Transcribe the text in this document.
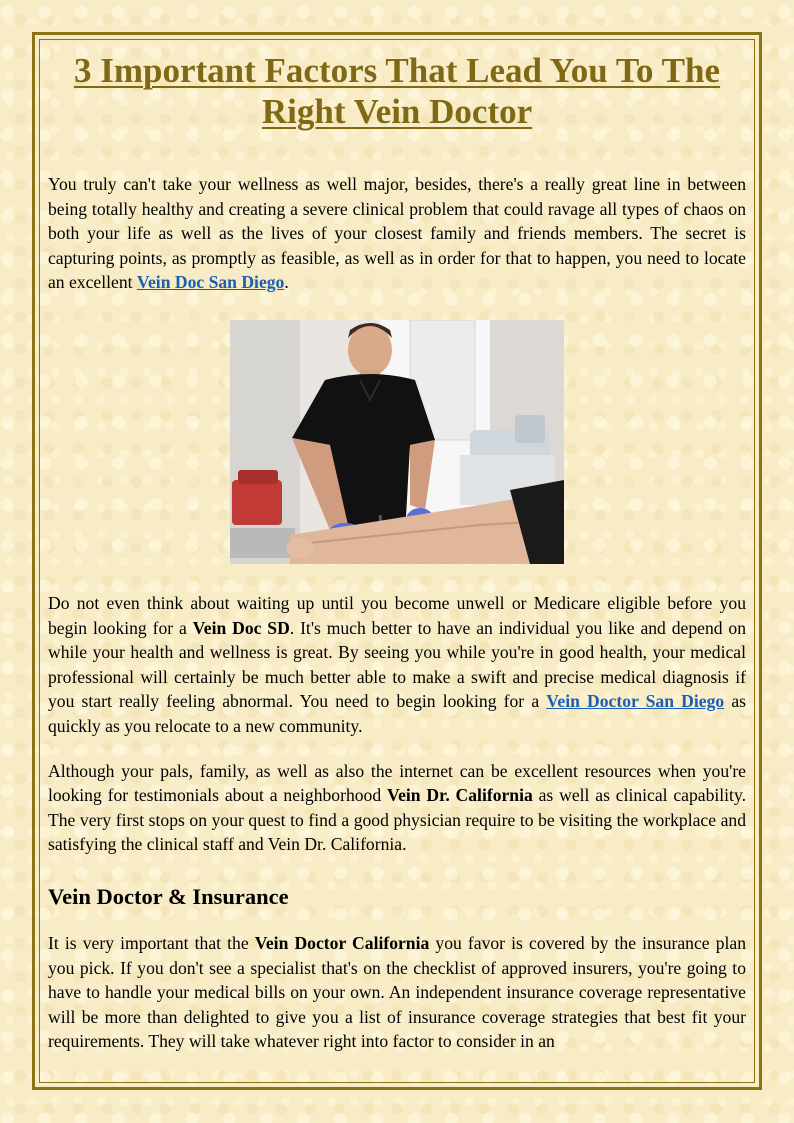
3 Important Factors That Lead You To The Right Vein Doctor

You truly can't take your wellness as well major, besides, there's a really great line in between being totally healthy and creating a severe clinical problem that could ravage all types of chaos on both your life as well as the lives of your closest family and friends members. The secret is capturing points, as promptly as feasible, as well as in order for that to happen, you need to locate an excellent Vein Doc San Diego.

Do not even think about waiting up until you become unwell or Medicare eligible before you begin looking for a Vein Doc SD. It's much better to have an individual you like and depend on while your health and wellness is great. By seeing you while you're in good health, your medical professional will certainly be much better able to make a swift and precise medical diagnosis if you start really feeling abnormal. You need to begin looking for a Vein Doctor San Diego as quickly as you relocate to a new community.

Although your pals, family, as well as also the internet can be excellent resources when you're looking for testimonials about a neighborhood Vein Dr. California as well as clinical capability. The very first stops on your quest to find a good physician require to be visiting the workplace and satisfying the clinical staff and Vein Dr. California.

Vein Doctor & Insurance

It is very important that the Vein Doctor California you favor is covered by the insurance plan you pick. If you don't see a specialist that's on the checklist of approved insurers, you're going to have to handle your medical bills on your own. An independent insurance coverage representative will be more than delighted to give you a list of insurance coverage strategies that best fit your requirements. They will take whatever right into factor to consider in an
